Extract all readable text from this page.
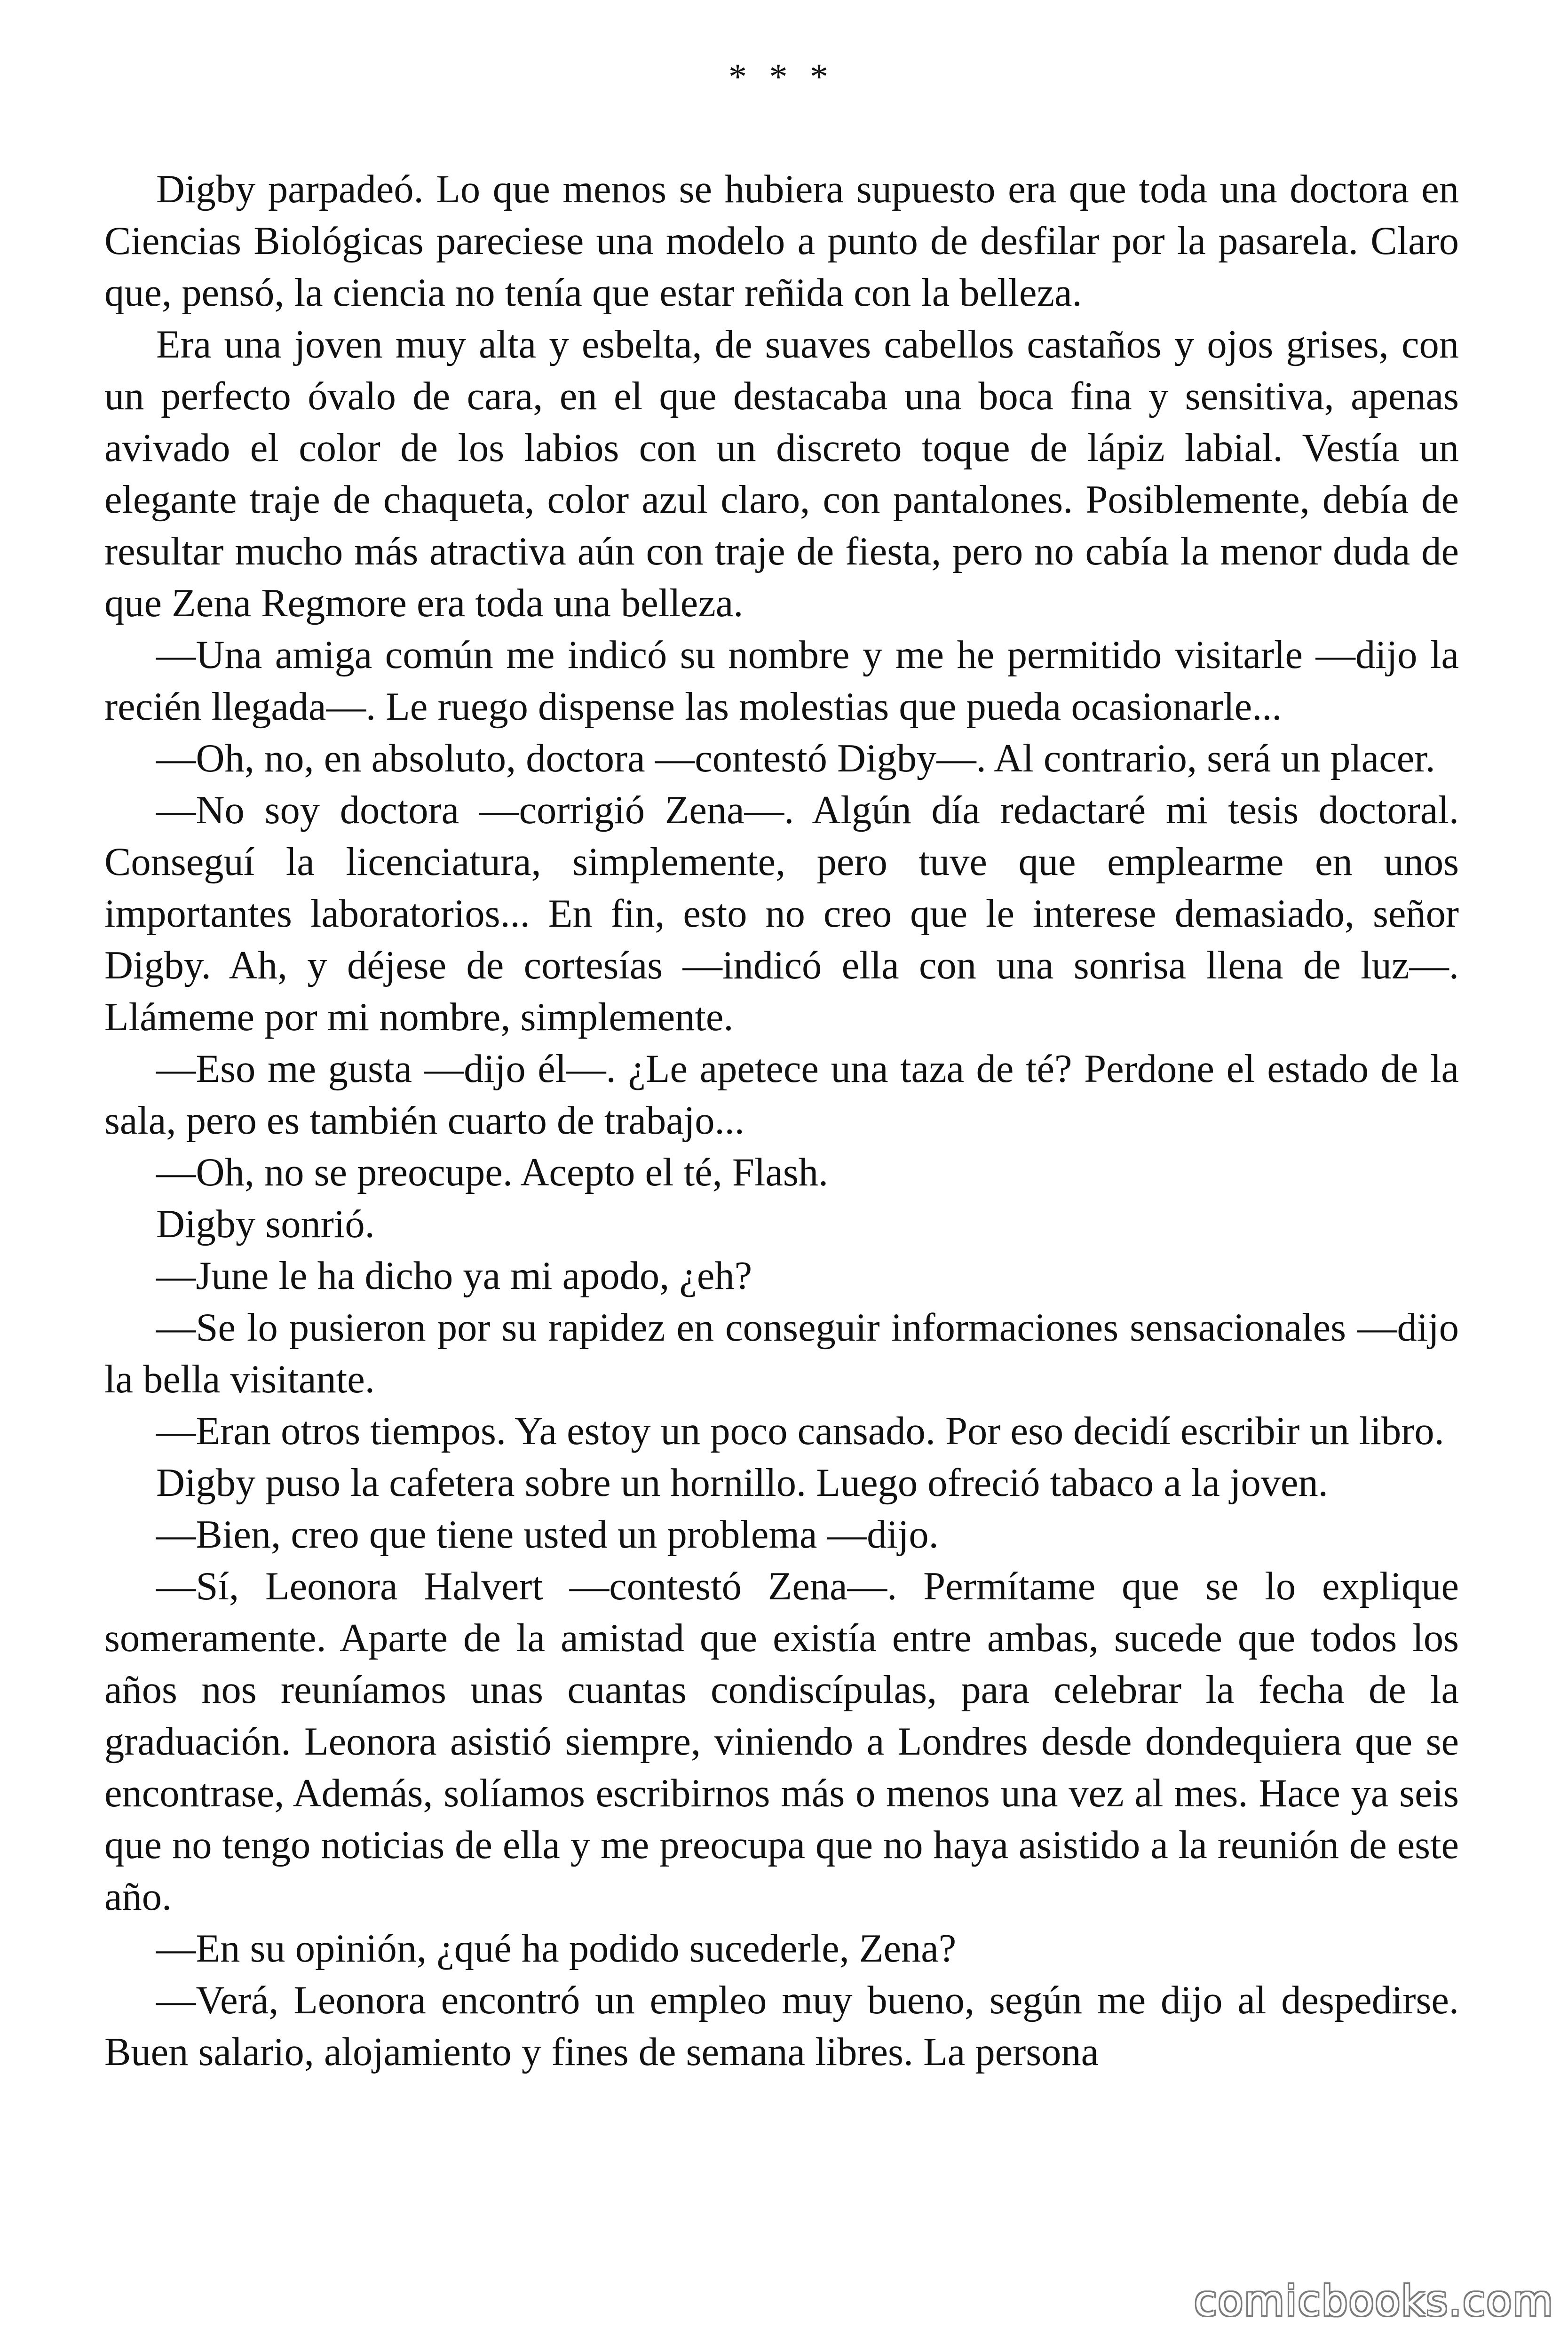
* * *

Digby parpadeó. Lo que menos se hubiera supuesto era que toda una doctora en Ciencias Biológicas pareciese una modelo a punto de desfilar por la pasarela. Claro que, pensó, la ciencia no tenía que estar reñida con la belleza.

Era una joven muy alta y esbelta, de suaves cabellos castaños y ojos grises, con un perfecto óvalo de cara, en el que destacaba una boca fina y sensitiva, apenas avivado el color de los labios con un discreto toque de lápiz labial. Vestía un elegante traje de chaqueta, color azul claro, con pantalones. Posiblemente, debía de resultar mucho más atractiva aún con traje de fiesta, pero no cabía la menor duda de que Zena Regmore era toda una belleza.

—Una amiga común me indicó su nombre y me he permitido visitarle —dijo la recién llegada—. Le ruego dispense las molestias que pueda ocasionarle...

—Oh, no, en absoluto, doctora —contestó Digby—. Al contrario, será un placer.

—No soy doctora —corrigió Zena—. Algún día redactaré mi tesis doctoral. Conseguí la licenciatura, simplemente, pero tuve que emplearme en unos importantes laboratorios... En fin, esto no creo que le interese demasiado, señor Digby. Ah, y déjese de cortesías —indicó ella con una sonrisa llena de luz—. Llámeme por mi nombre, simplemente.

—Eso me gusta —dijo él—. ¿Le apetece una taza de té? Perdone el estado de la sala, pero es también cuarto de trabajo...

—Oh, no se preocupe. Acepto el té, Flash.

Digby sonrió.

—June le ha dicho ya mi apodo, ¿eh?

—Se lo pusieron por su rapidez en conseguir informaciones sensacionales —dijo la bella visitante.

—Eran otros tiempos. Ya estoy un poco cansado. Por eso decidí escribir un libro.

Digby puso la cafetera sobre un hornillo. Luego ofreció tabaco a la joven.

—Bien, creo que tiene usted un problema —dijo.

—Sí, Leonora Halvert —contestó Zena—. Permítame que se lo explique someramente. Aparte de la amistad que existía entre ambas, sucede que todos los años nos reuníamos unas cuantas condiscípulas, para celebrar la fecha de la graduación. Leonora asistió siempre, viniendo a Londres desde dondequiera que se encontrase, Además, solíamos escribirnos más o menos una vez al mes. Hace ya seis que no tengo noticias de ella y me preocupa que no haya asistido a la reunión de este año.

—En su opinión, ¿qué ha podido sucederle, Zena?

—Verá, Leonora encontró un empleo muy bueno, según me dijo al despedirse. Buen salario, alojamiento y fines de semana libres. La persona

comicbooks.com
